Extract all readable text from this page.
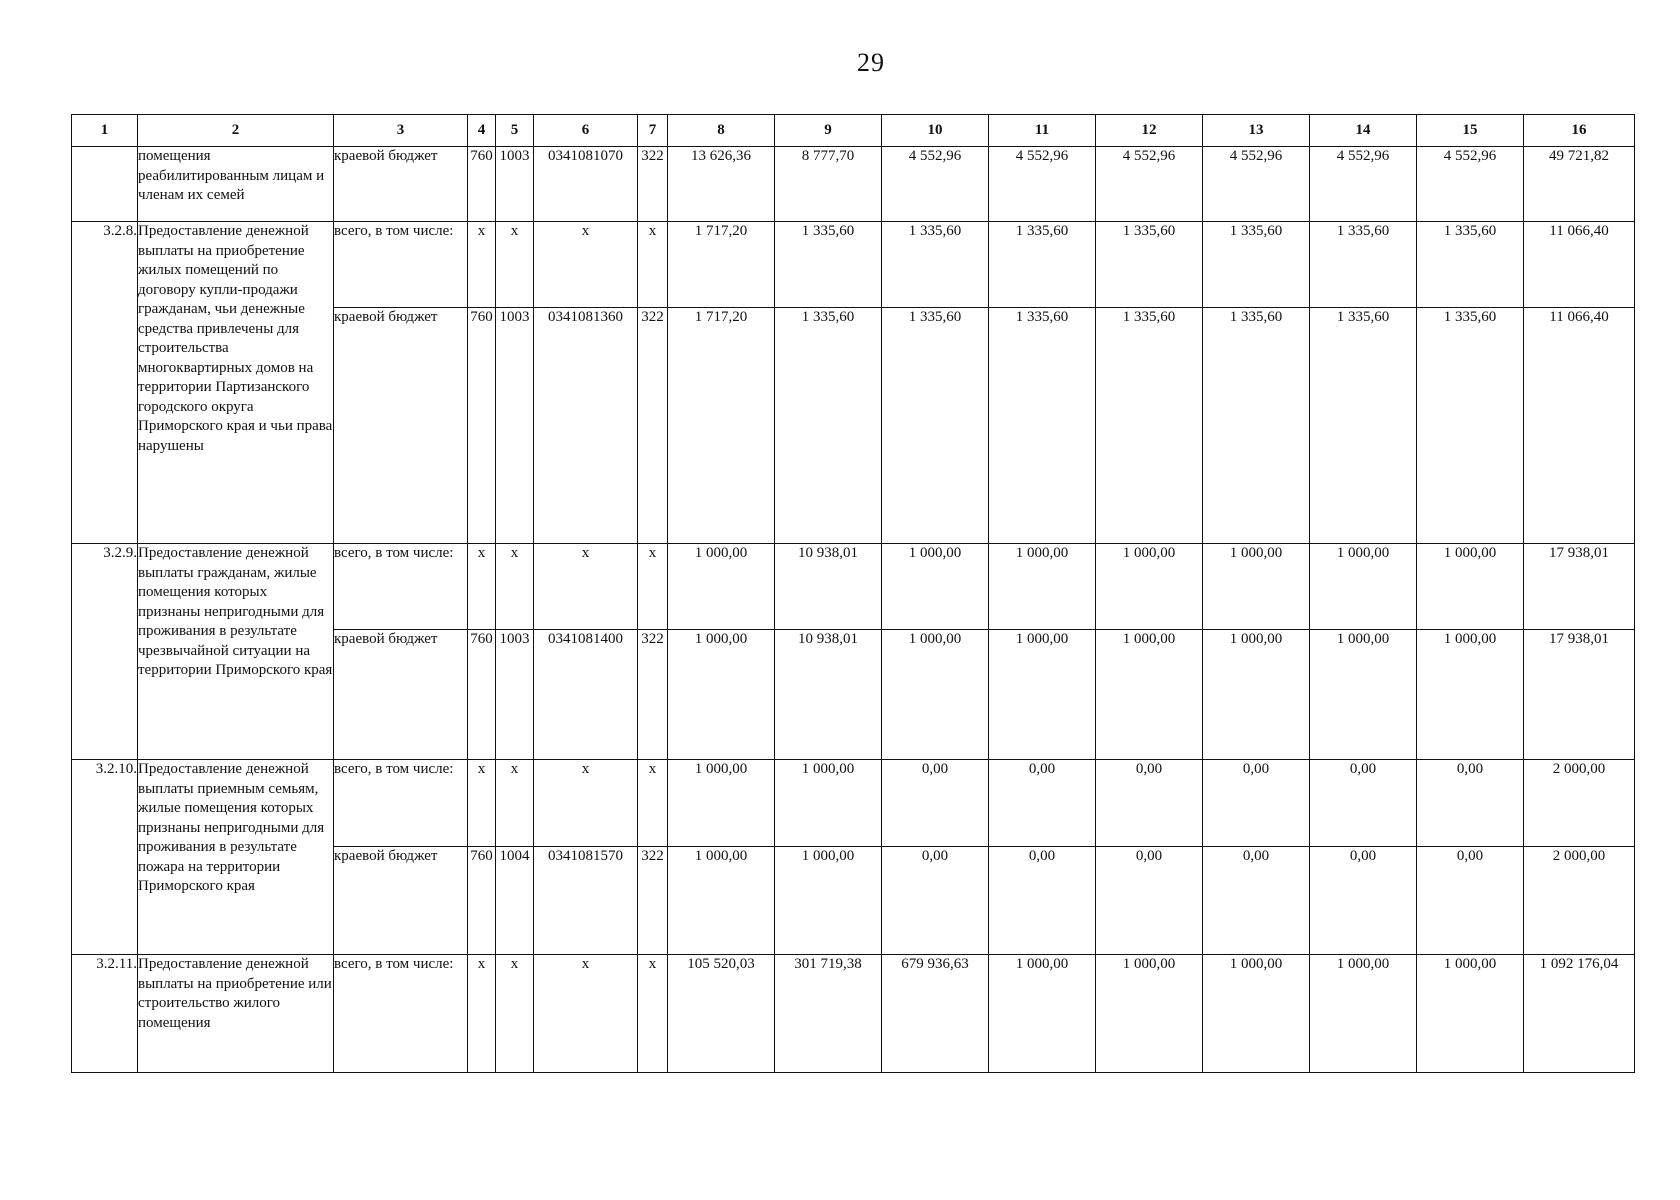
29
1	2	3	4	5	6	7	8	9	10	11	12	13	14	15	16
	помещения реабилитированным лицам и членам их семей	краевой бюджет	760	1003	0341081070	322	13 626,36	8 777,70	4 552,96	4 552,96	4 552,96	4 552,96	4 552,96	4 552,96	49 721,82
3.2.8.	Предоставление денежной выплаты на приобретение жилых помещений по договору купли-продажи гражданам, чьи денежные средства привлечены для строительства многоквартирных домов на территории Партизанского городского округа Приморского края и чьи права нарушены	всего, в том числе:	x	x	x	x	1 717,20	1 335,60	1 335,60	1 335,60	1 335,60	1 335,60	1 335,60	1 335,60	11 066,40
		краевой бюджет	760	1003	0341081360	322	1 717,20	1 335,60	1 335,60	1 335,60	1 335,60	1 335,60	1 335,60	1 335,60	11 066,40
3.2.9.	Предоставление денежной выплаты гражданам, жилые помещения которых признаны непригодными для проживания в результате чрезвычайной ситуации на территории Приморского края	всего, в том числе:	x	x	x	x	1 000,00	10 938,01	1 000,00	1 000,00	1 000,00	1 000,00	1 000,00	1 000,00	17 938,01
		краевой бюджет	760	1003	0341081400	322	1 000,00	10 938,01	1 000,00	1 000,00	1 000,00	1 000,00	1 000,00	1 000,00	17 938,01
3.2.10.	Предоставление денежной выплаты приемным семьям, жилые помещения которых признаны непригодными для проживания в результате пожара на территории Приморского края	всего, в том числе:	x	x	x	x	1 000,00	1 000,00	0,00	0,00	0,00	0,00	0,00	0,00	2 000,00
		краевой бюджет	760	1004	0341081570	322	1 000,00	1 000,00	0,00	0,00	0,00	0,00	0,00	0,00	2 000,00
3.2.11.	Предоставление денежной выплаты на приобретение или строительство жилого помещения	всего, в том числе:	x	x	x	x	105 520,03	301 719,38	679 936,63	1 000,00	1 000,00	1 000,00	1 000,00	1 000,00	1 092 176,04
